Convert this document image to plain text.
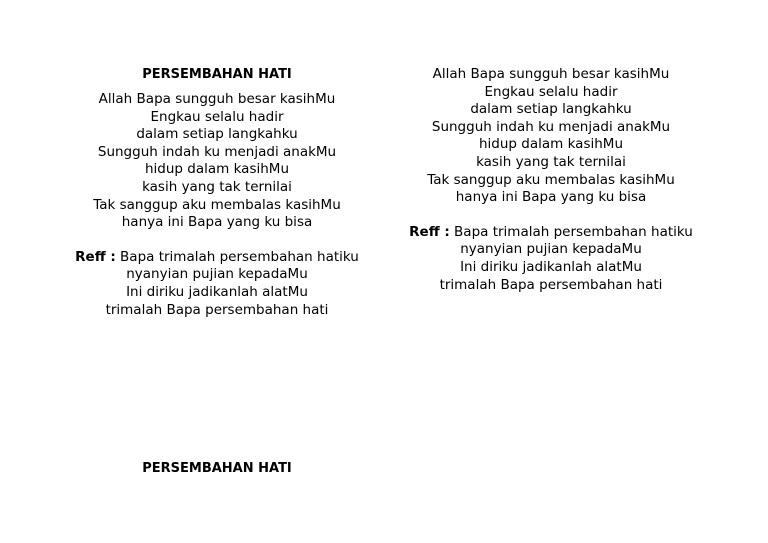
PERSEMBAHAN HATI
Allah Bapa sungguh besar kasihMu
Engkau selalu hadir
dalam setiap langkahku
Sungguh indah ku menjadi anakMu
hidup dalam kasihMu
kasih yang tak ternilai
Tak sanggup aku membalas kasihMu
hanya ini Bapa yang ku bisa
Reff : Bapa trimalah persembahan hatiku
nyanyian pujian kepadaMu
Ini diriku jadikanlah alatMu
trimalah Bapa persembahan hati
Allah Bapa sungguh besar kasihMu
Engkau selalu hadir
dalam setiap langkahku
Sungguh indah ku menjadi anakMu
hidup dalam kasihMu
kasih yang tak ternilai
Tak sanggup aku membalas kasihMu
hanya ini Bapa yang ku bisa
Reff : Bapa trimalah persembahan hatiku
nyanyian pujian kepadaMu
Ini diriku jadikanlah alatMu
trimalah Bapa persembahan hati
PERSEMBAHAN HATI
